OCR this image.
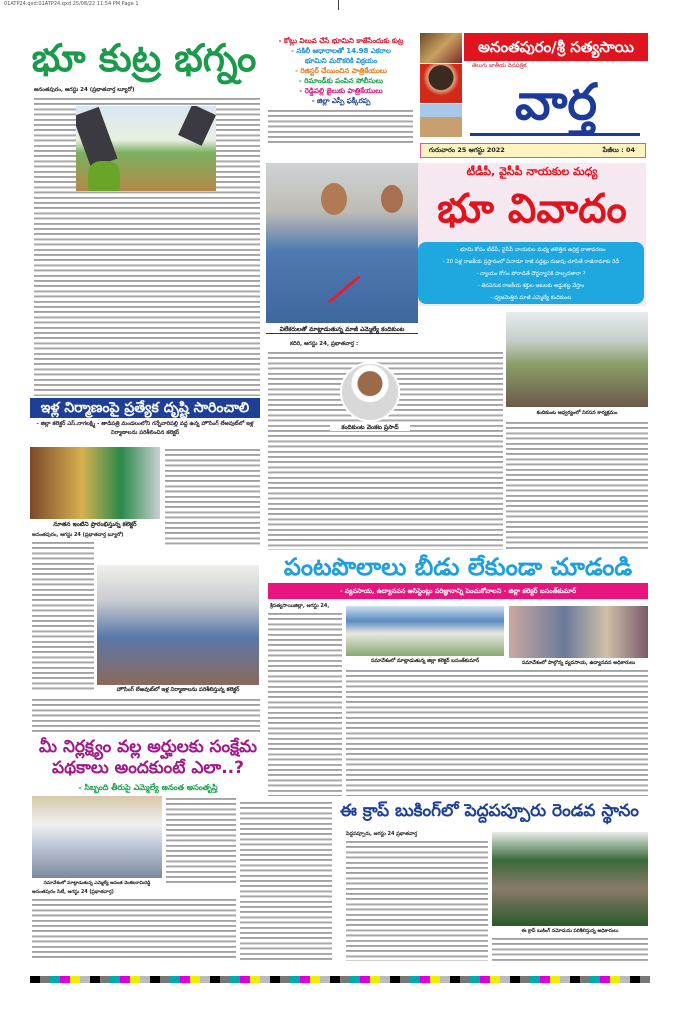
01ATP24.qxd:01ATP24.qxd 25/08/22 11:54 PM Page 1
భూ కుట్ర భగ్నం
అనంతపురం, ఆగస్టు 24 (ప్రభాతవార్త బ్యూరో)
- కోట్లు విలువ చేసే భూమిని కాజేసేందుకు కుట్ర
- నకిలీ ఆధారాలతో 14.98 ఎకరాల
భూమిని మరొకరికి విక్రయం
- రిజిస్టర్ చేయించిన పాత్రికేయులు
- రిమాండ్‌కు పంపిన పోలీసులు
- రెడ్డిపల్లి జైలుకు పాత్రికేయులు
- జిల్లా ఎస్పీ ఫక్కీరప్ప
అనంతపురం/శ్రీ సత్యసాయి
తెలుగు జాతీయ దినపత్రిక
వార్త
గురువారం 25 ఆగస్టు 2022	పేజీలు : 04
విలేకరులతో మాట్లాడుతున్న మాజీ ఎమ్మెల్యే కందికుంట
టీడీపీ, వైసీపీ నాయకుల మధ్య
భూ వివాదం
- భూమి కోసం టీడీపీ, వైసీపీ నాయకుల మధ్య తలెత్తిన ఉద్రిక్త వాతావరణం
- 20 ఏళ్ల రాజకీయ ప్రస్థానంలో ఏనాడూ రాజీ పడ్డట్లు రుజువు చూపితే రాజీనామాకు రెడీ
- న్యాయం కోసం పోరాడితే దౌర్జన్యానికి పాల్పడతారా ?
- తెరవెనుక రాజకీయ శక్తుల ఆటలకు అడ్డుకట్ట వేస్తాం
- ధ్వజమెత్తిన మాజీ ఎమ్మెల్యే కందికుంట
కదిరి, ఆగస్టు 24, ప్రభాతవార్త :
కందికుంట వెంకట ప్రసాద్
కందికుంట ఆధ్వర్యంలో నిరసన కార్యక్రమం
ఇళ్ల నిర్మాణంపై ప్రత్యేక దృష్టి సారించాలి
- జిల్లా కలెక్టర్ ఎస్.నాగలక్ష్మి - తాడిపత్రి మండలంలోని గన్నేవారిపల్లి వద్ద ఉన్న హౌసింగ్ లేఅవుట్‌లో ఇళ్ల నిర్మాణాలను పరిశీలించిన కలెక్టర్
నూతన ఇంటిని ప్రారంభిస్తున్న కలెక్టర్
అనంతపురం, ఆగస్టు 24 (ప్రభాతవార్త బ్యూరో)
హౌసింగ్ లేఅవుట్‌లో ఇళ్ల నిర్మాణాలను పరిశీలిస్తున్న కలెక్టర్
పంటపొలాలు బీడు లేకుండా చూడండి
- వ్యవసాయ, ఉద్యానవన అసిస్టెంట్లు పరిజ్ఞానాన్ని పెంచుకోవాలని - జిల్లా కలెక్టర్ బసంత్‌కుమార్
శ్రీసత్యసాయిజిల్లా, ఆగస్టు 24,
సమావేశంలో మాట్లాడుతున్న జిల్లా కలెక్టర్ బసంత్‌కుమార్	సమావేశంలో పాల్గొన్న వ్యవసాయ, ఉద్యానవన అధికారులు
మీ నిర్లక్ష్యం వల్ల అర్హులకు సంక్షేమ
పథకాలు అందకుంటే ఎలా..?
- సిబ్బంది తీరుపై ఎమ్మెల్యే అనంత అసంతృప్తి
సమావేశంలో మాట్లాడుతున్న ఎమ్మెల్యే అనంత వెంకటరామిరెడ్డి
అనంతపురం సిటీ, ఆగస్టు 24 (ప్రభాతవార్త)
ఈ క్రాప్ బుకింగ్‌లో పెద్దపప్పూరు రెండవ స్థానం
పెద్దపప్పూరు, ఆగస్టు 24 ప్రభాతవార్త
ఈ క్రాప్ బుకింగ్ నమోదును పరిశీలిస్తున్న అధికారులు
